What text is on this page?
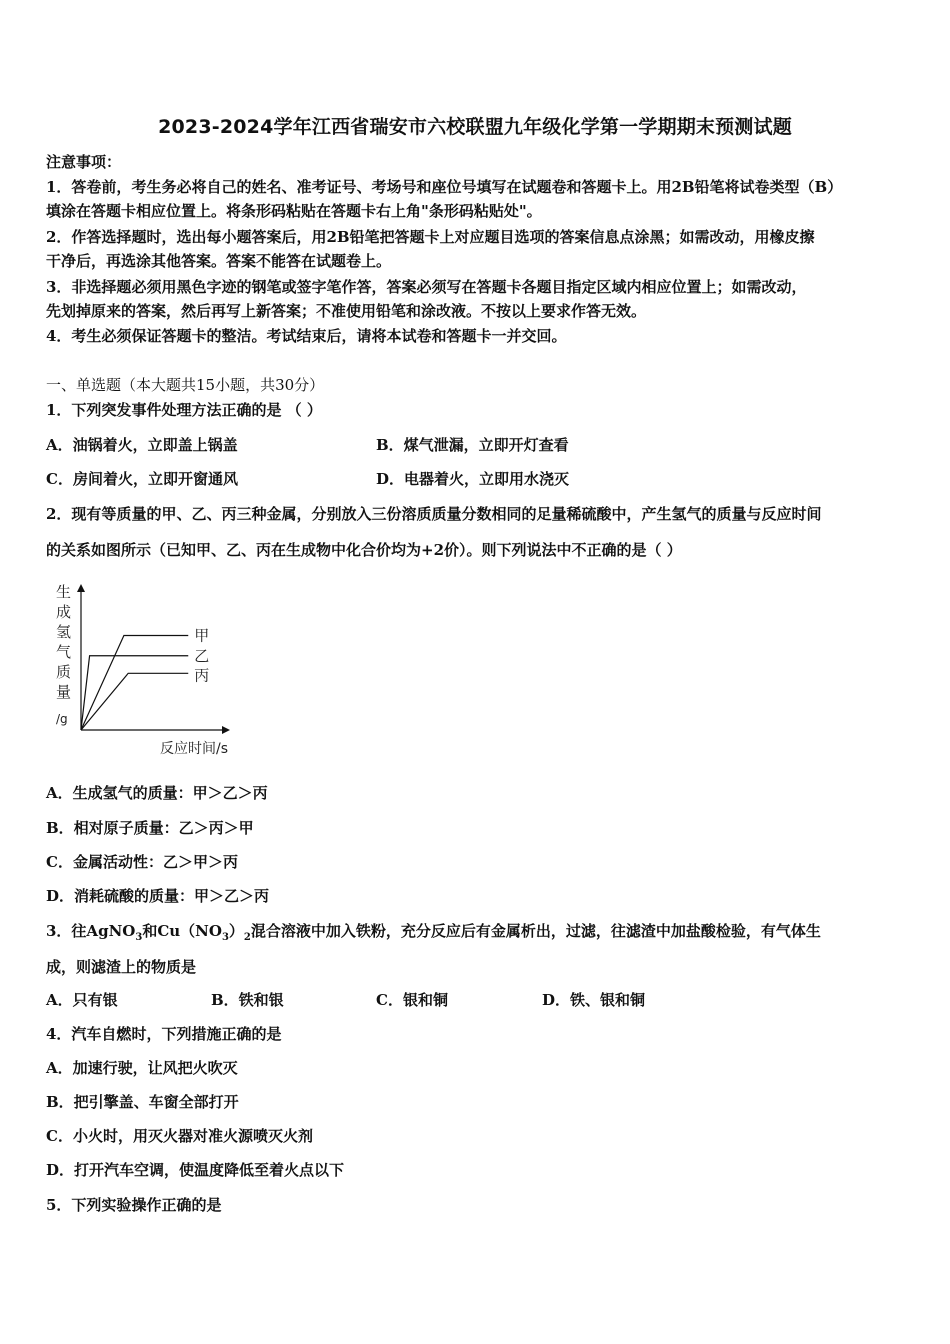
2023-2024学年江西省瑞安市六校联盟九年级化学第一学期期末预测试题
注意事项：
1．答卷前，考生务必将自己的姓名、准考证号、考场号和座位号填写在试题卷和答题卡上。用2B铅笔将试卷类型（B）
填涂在答题卡相应位置上。将条形码粘贴在答题卡右上角"条形码粘贴处"。
2．作答选择题时，选出每小题答案后，用2B铅笔把答题卡上对应题目选项的答案信息点涂黑；如需改动，用橡皮擦
干净后，再选涂其他答案。答案不能答在试题卷上。
3．非选择题必须用黑色字迹的钢笔或签字笔作答，答案必须写在答题卡各题目指定区域内相应位置上；如需改动，
先划掉原来的答案，然后再写上新答案；不准使用铅笔和涂改液。不按以上要求作答无效。
4．考生必须保证答题卡的整洁。考试结束后，请将本试卷和答题卡一并交回。
一、单选题（本大题共15小题，共30分）
1．下列突发事件处理方法正确的是 （ ）
A．油锅着火，立即盖上锅盖	B．煤气泄漏，立即开灯查看
C．房间着火，立即开窗通风	D．电器着火，立即用水浇灭
2．现有等质量的甲、乙、丙三种金属，分别放入三份溶质质量分数相同的足量稀硫酸中，产生氢气的质量与反应时间
的关系如图所示（已知甲、乙、丙在生成物中化合价均为+2价）。则下列说法中不正确的是（ ）
生
成
氢
气
质
量
/g
甲
乙
丙
反应时间/s
A．生成氢气的质量：甲＞乙＞丙
B．相对原子质量：乙＞丙＞甲
C．金属活动性：乙＞甲＞丙
D．消耗硫酸的质量：甲＞乙＞丙
3．往AgNO$_3$和$Cu(NO_3)_2$混合溶液中加入铁粉，充分反应后有金属析出，过滤，往滤渣中加盐酸检验，有气体生
成，则滤渣上的物质是
A．只有银	B．铁和银	C．银和铜	D．铁、银和铜
4．汽车自燃时，下列措施正确的是
A．加速行驶，让风把火吹灭
B．把引擎盖、车窗全部打开
C．小火时，用灭火器对准火源喷灭火剂
D．打开汽车空调，使温度降低至着火点以下
5．下列实验操作正确的是
